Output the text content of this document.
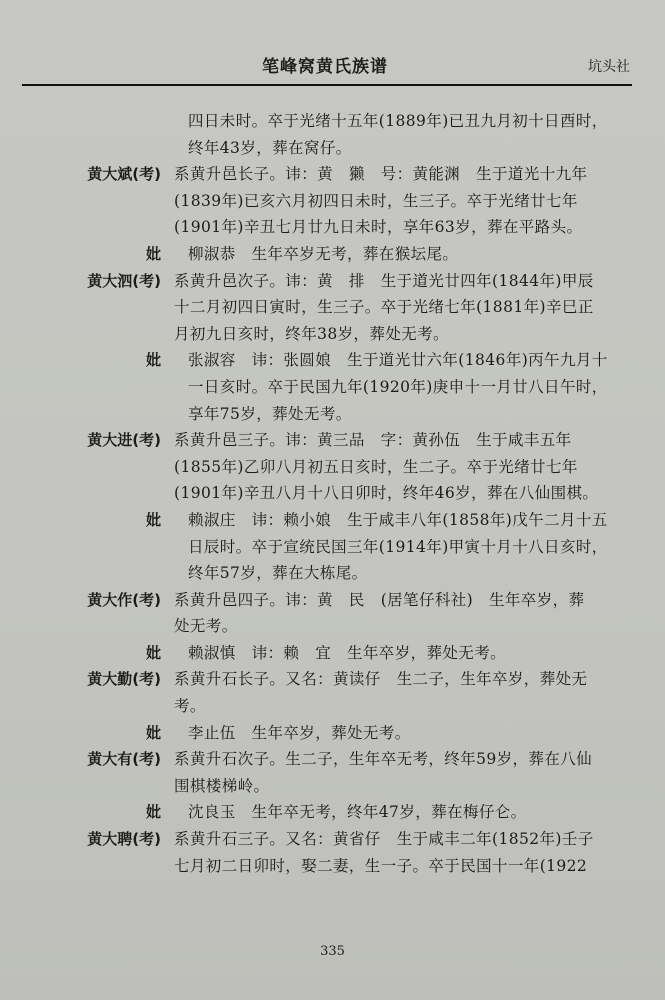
笔峰窝黄氏族谱	坑头社
四日未时。卒于光绪十五年(1889年)已丑九月初十日酉时，
终年43岁，葬在窝仔。
黄大斌(考) 系黄升邑长子。讳：黄　獭　号：黄能渊　生于道光十九年
(1839年)已亥六月初四日未时，生三子。卒于光绪廿七年
(1901年)辛丑七月廿九日未时，享年63岁，葬在平路头。
妣	柳淑恭　生年卒岁无考，葬在猴坛尾。
黄大泗(考) 系黄升邑次子。讳：黄　排　生于道光廿四年(1844年)甲辰
十二月初四日寅时，生三子。卒于光绪七年(1881年)辛巳正
月初九日亥时，终年38岁，葬处无考。
妣	张淑容　讳：张圆娘　生于道光廿六年(1846年)丙午九月十
一日亥时。卒于民国九年(1920年)庚申十一月廿八日午时，
享年75岁，葬处无考。
黄大进(考) 系黄升邑三子。讳：黄三品　字：黄孙伍　生于咸丰五年
(1855年)乙卯八月初五日亥时，生二子。卒于光绪廿七年
(1901年)辛丑八月十八日卯时，终年46岁，葬在八仙围棋。
妣	赖淑庄　讳：赖小娘　生于咸丰八年(1858年)戊午二月十五
日辰时。卒于宣统民国三年(1914年)甲寅十月十八日亥时，
终年57岁，葬在大栋尾。
黄大作(考) 系黄升邑四子。讳：黄　民　(居笔仔科社)　生年卒岁，葬
处无考。
妣	赖淑慎　讳：赖　宜　生年卒岁，葬处无考。
黄大勤(考) 系黄升石长子。又名：黄读仔　生二子，生年卒岁，葬处无
考。
妣	李止伍　生年卒岁，葬处无考。
黄大有(考) 系黄升石次子。生二子，生年卒无考，终年59岁，葬在八仙
围棋楼梯岭。
妣	沈良玉　生年卒无考，终年47岁，葬在梅仔仑。
黄大聘(考) 系黄升石三子。又名：黄省仔　生于咸丰二年(1852年)壬子
七月初二日卯时，娶二妻，生一子。卒于民国十一年(1922
335
